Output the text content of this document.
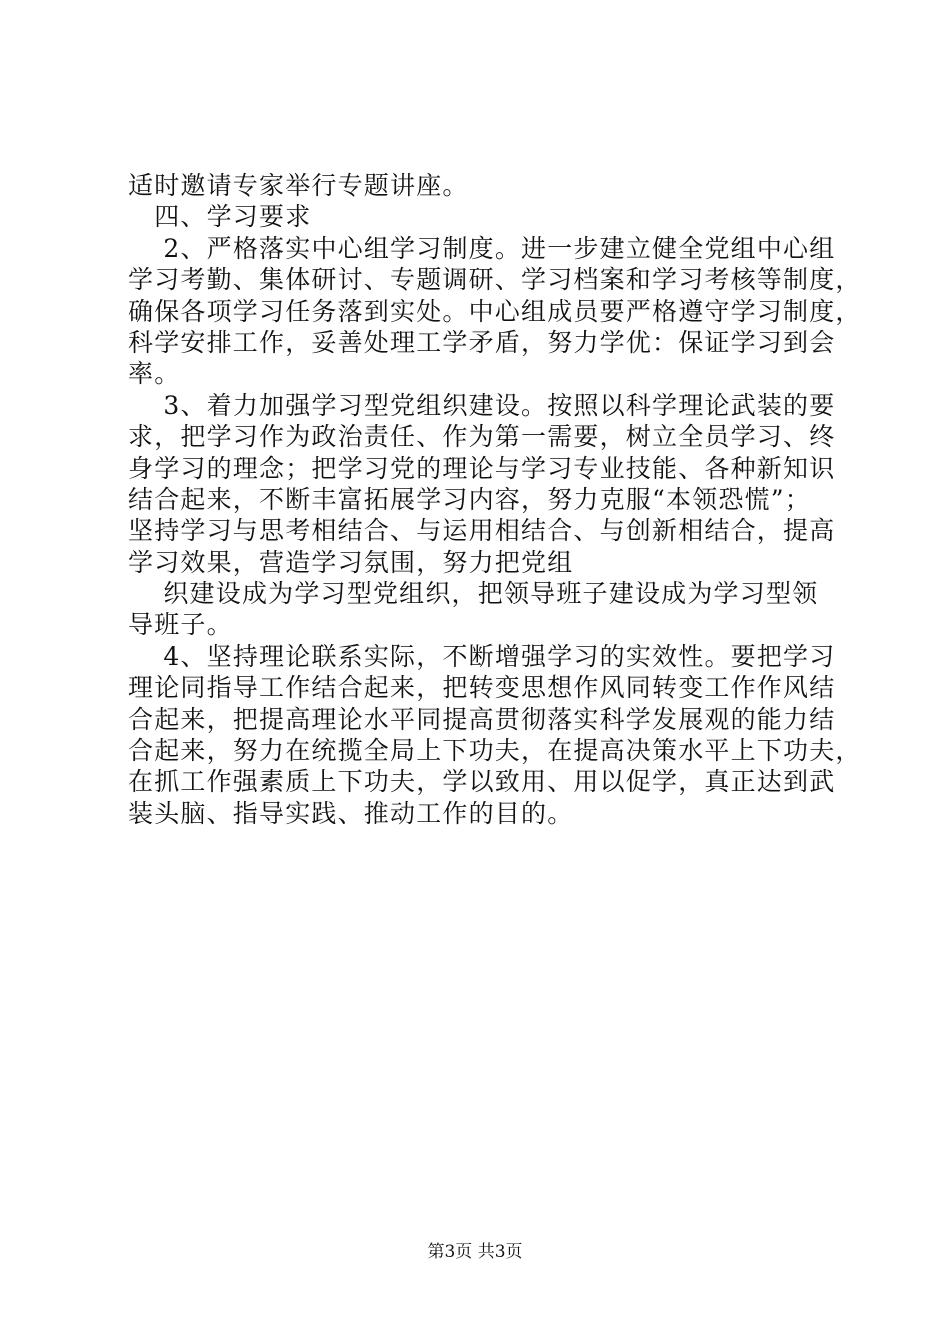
适时邀请专家举行专题讲座。
　四、学习要求
　 2、严格落实中心组学习制度。进一步建立健全党组中心组
学习考勤、集体研讨、专题调研、学习档案和学习考核等制度，
确保各项学习任务落到实处。中心组成员要严格遵守学习制度，
科学安排工作，妥善处理工学矛盾，努力学优：保证学习到会
率。
　 3、着力加强学习型党组织建设。按照以科学理论武装的要
求，把学习作为政治责任、作为第一需要，树立全员学习、终
身学习的理念；把学习党的理论与学习专业技能、各种新知识
结合起来，不断丰富拓展学习内容，努力克服“本领恐慌”；
坚持学习与思考相结合、与运用相结合、与创新相结合，提高
学习效果，营造学习氛围，努力把党组
　 织建设成为学习型党组织，把领导班子建设成为学习型领
导班子。
　 4、坚持理论联系实际，不断增强学习的实效性。要把学习
理论同指导工作结合起来，把转变思想作风同转变工作作风结
合起来，把提高理论水平同提高贯彻落实科学发展观的能力结
合起来，努力在统揽全局上下功夫，在提高决策水平上下功夫，
在抓工作强素质上下功夫，学以致用、用以促学，真正达到武
装头脑、指导实践、推动工作的目的。
第3页 共3页
